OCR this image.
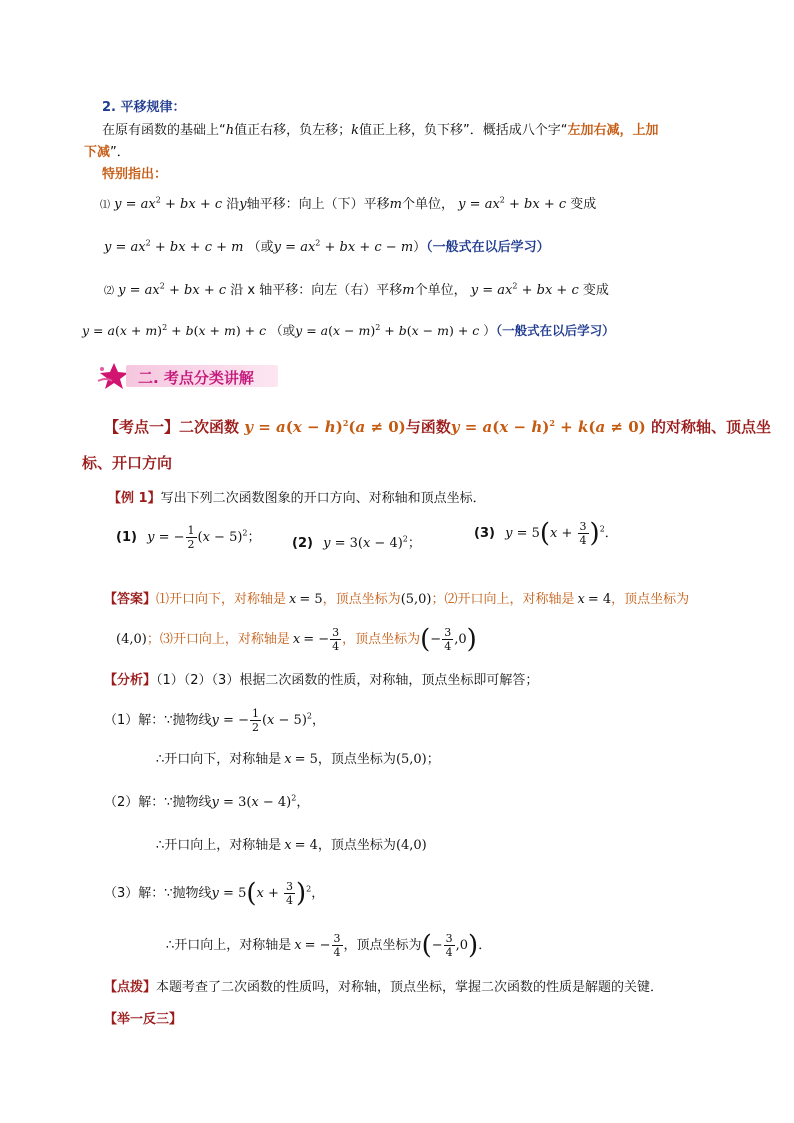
2. 平移规律：
在原有函数的基础上“h值正右移，负左移；k值正上移，负下移”．概括成八个字“左加右减，上加
下减”．
特别指出：
⑴ $y = ax^2$ + bx + c 沿y轴平移：向上（下）平移m个单位， $y = ax^2$ + bx + c 变成
$y = ax^2$ + bx + c + m （或$y = ax^2$ + bx + c − m）（一般式在以后学习）
⑵ $y = ax^2$ + bx + c 沿 x 轴平移：向左（右）平移m个单位， $y = ax^2$ + bx + c 变成
$y = a(x + m)^2 + b(x + m) + c$ （或$y = a(x - m)^2 + b(x - m) + c$ ）（一般式在以后学习）
二. 考点分类讲解
【考点一】二次函数 $y = a(x - h)^2(a \ne 0)$与函数$y = a(x - h)^2 + k(a \ne 0)$ 的对称轴、顶点坐
标、开口方向
【例 1】写出下列二次函数图象的开口方向、对称轴和顶点坐标．
(1) y = − $\frac{1}{2} (x - 5)^2$； (2) $y = 3(x - 4)^2$；
(3) $y = 5(x + \frac{3}{4} )^2$．
【答案】⑴开口向下，对称轴是 x = 5，顶点坐标为(5,0)；⑵开口向上，对称轴是 x = 4，顶点坐标为
(4,0)；⑶开口向上，对称轴是 x = − $\frac{3}{4}$ ，顶点坐标为(− $\frac{3}{4} ,0$)
【分析】（1）（2）（3）根据二次函数的性质，对称轴，顶点坐标即可解答；
（1）解：∵抛物线y = − $\frac{1}{2} (x - 5)^2$，
∴开口向下，对称轴是 x = 5，顶点坐标为(5,0)；
（2）解：∵抛物线$y = 3(x - 4)^2$，
∴开口向上，对称轴是 x = 4，顶点坐标为(4,0)
（3）解：∵抛物线$y = 5(x + \frac{3}{4} )^2$，
∴开口向上，对称轴是 x = − $\frac{3}{4}$ ，顶点坐标为(− $\frac{3}{4} ,0$)．
【点拨】本题考查了二次函数的性质吗，对称轴，顶点坐标，掌握二次函数的性质是解题的关键．
【举一反三】
